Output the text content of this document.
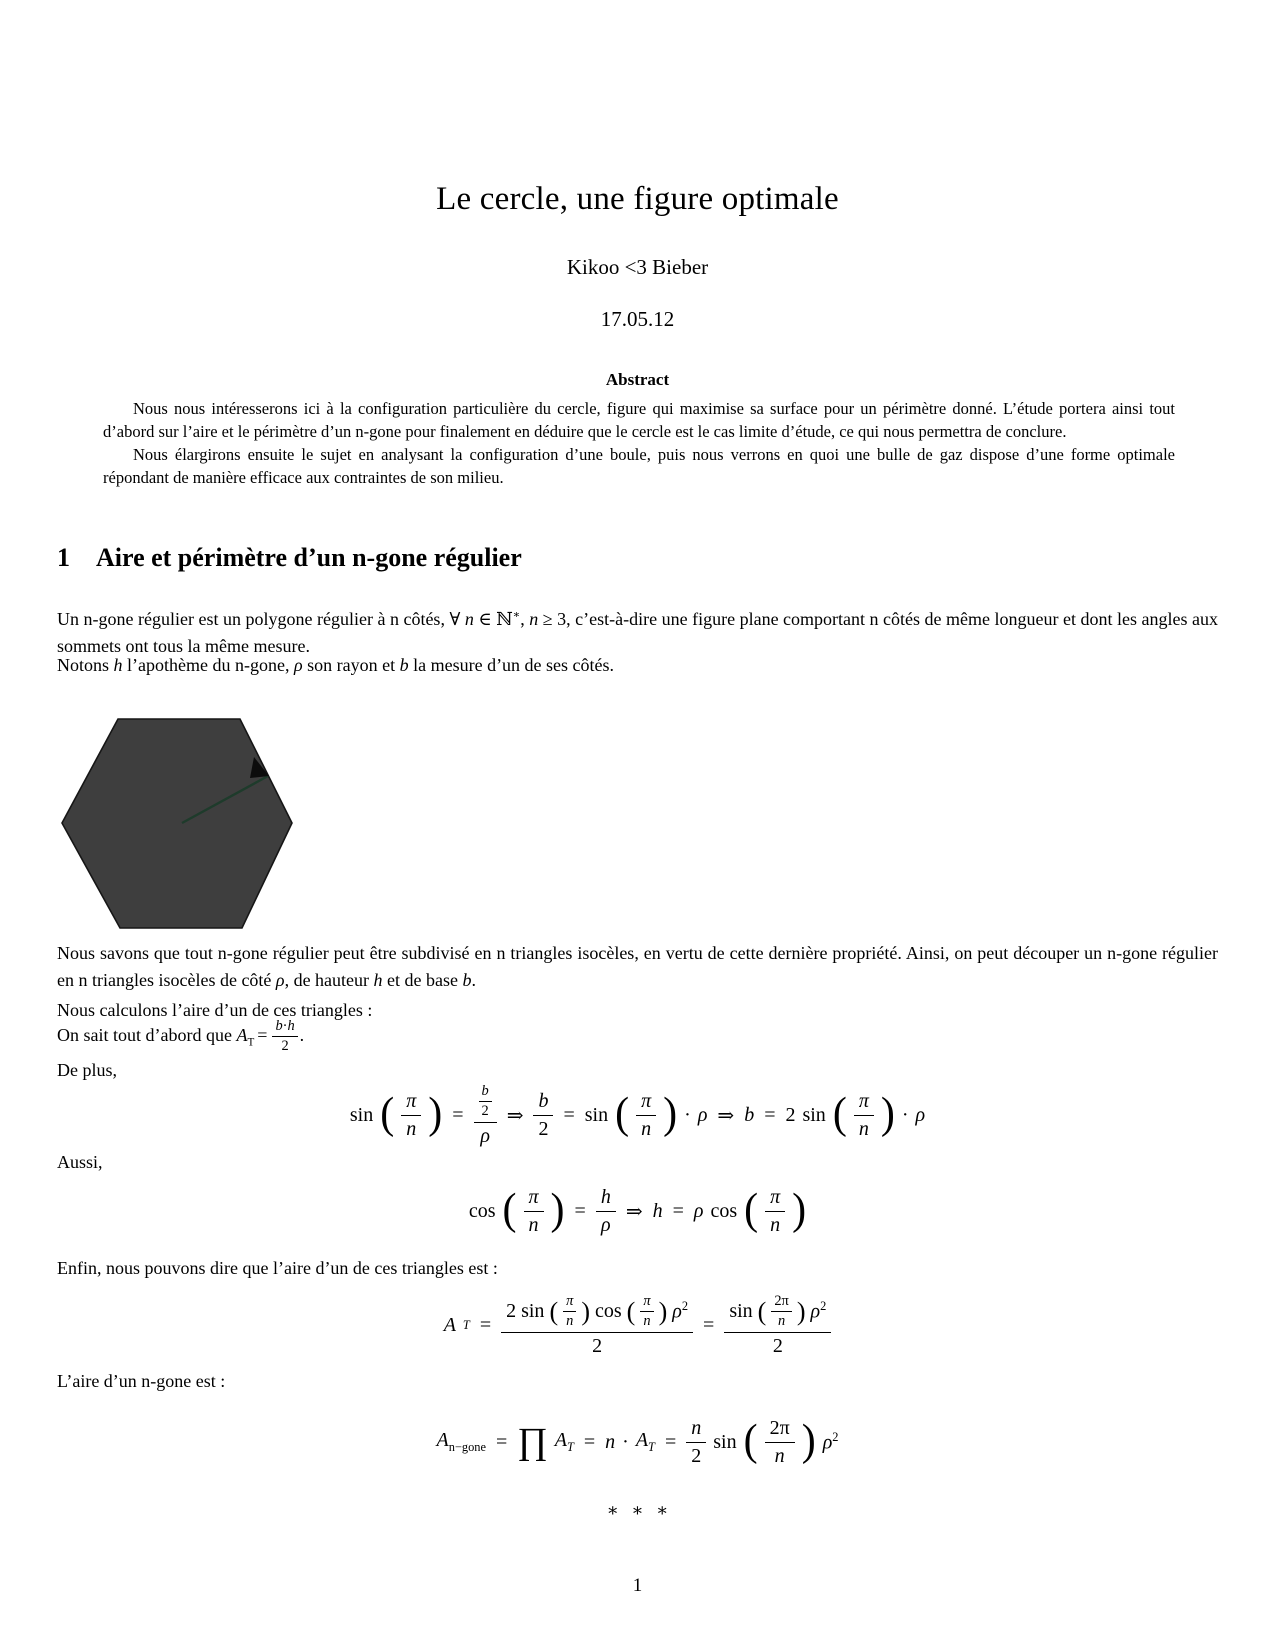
Le cercle, une figure optimale
Kikoo <3 Bieber
17.05.12
Abstract

Nous nous intéresserons ici à la configuration particulière du cercle, figure qui maximise sa surface pour un périmètre donné. L’étude portera ainsi tout d’abord sur l’aire et le périmètre d’un n-gone pour finalement en déduire que le cercle est le cas limite d’étude, ce qui nous permettra de conclure.

Nous élargirons ensuite le sujet en analysant la configuration d’une boule, puis nous verrons en quoi une bulle de gaz dispose d’une forme optimale répondant de manière efficace aux contraintes de son milieu.

1 Aire et périmètre d’un n-gone régulier
Un n-gone régulier est un polygone régulier à n côtés, ∀ n ∈ ℕ∗, n ≥ 3, c’est-à-dire une figure plane comportant n côtés de même longueur et dont les angles aux sommets ont tous la même mesure.
Notons h l’apothème du n-gone, ρ son rayon et b la mesure d’un de ses côtés.
Nous savons que tout n-gone régulier peut être subdivisé en n triangles isocèles, en vertu de cette dernière propriété. Ainsi, on peut découper un n-gone régulier en n triangles isocèles de côté ρ, de hauteur h et de base b.
Nous calculons l’aire d’un de ces triangles :
On sait tout d’abord que $A_T = \frac{b\cdot h}{2}$ .
De plus,
sin ( $\frac{\pi}{n}$ ) = $\frac{\frac{b}{2}}{\rho}$ ⇒ $\frac{b}{2} = \sin$ ( $\frac{\pi}{n}$ ) · ρ ⇒ b = 2 sin ( $\frac{\pi}{n}$ ) · ρ
Aussi,
cos ( $\frac{\pi}{n}$ ) = $\frac{h}{\rho}$ ⇒ h = ρ cos ( $\frac{\pi}{n}$ )
Enfin, nous pouvons dire que l’aire d’un de ces triangles est :
A $T = \frac{2 \sin ( \frac{\pi}{n} ) \cos ( \frac{\pi}{n} ) \rho^2}{2} = \frac{\sin ( \frac{2\pi}{n} ) \rho^2}{2}$
L’aire d’un n-gone est :
$A_{n-gone}$ = ∏ $A_T = n \cdot A_T = \frac{n}{2}$ sin ( $\frac{2\pi}{n}$ ) $\rho^2$
∗ ∗ ∗
1
